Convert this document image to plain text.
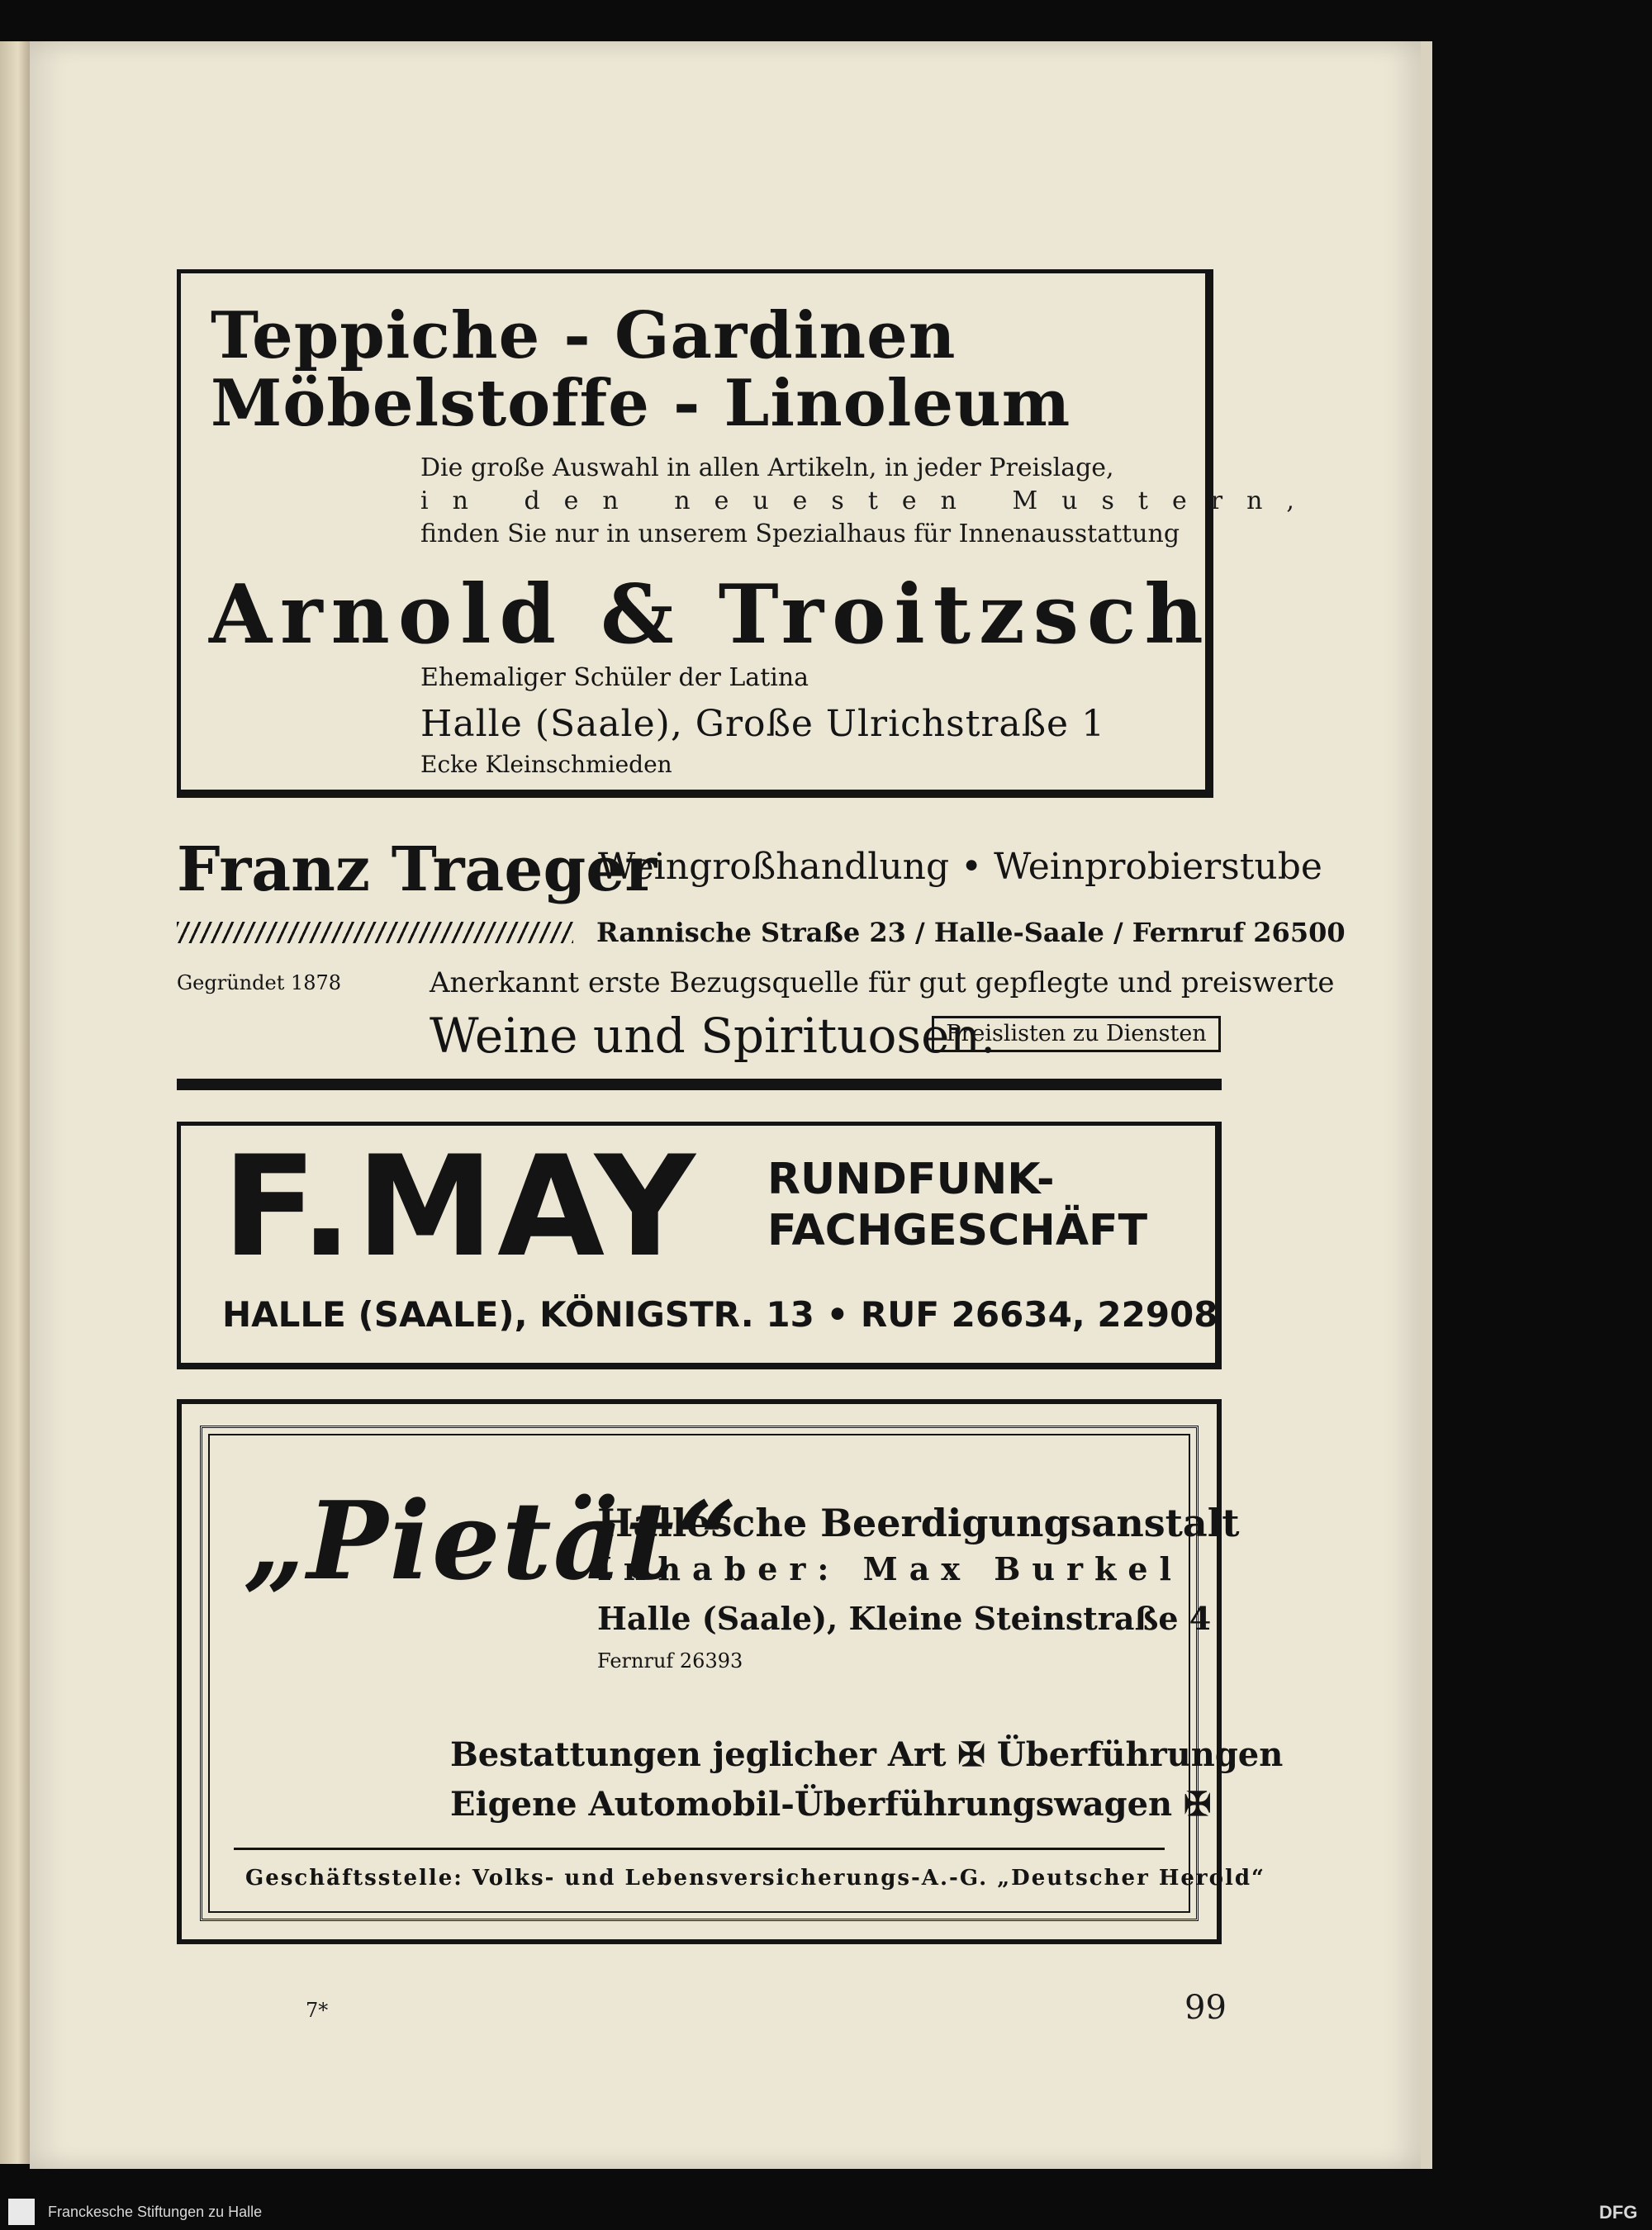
Teppiche - Gardinen
Möbelstoffe - Linoleum
Die große Auswahl in allen Artikeln, in jeder Preislage,
in den neuesten Mustern,
finden Sie nur in unserem Spezialhaus für Innenausstattung
Arnold & Troitzsch
Ehemaliger Schüler der Latina
Halle (Saale), Große Ulrichstraße 1
Ecke Kleinschmieden
Franz Traeger
Weingroßhandlung • Weinprobierstube
Rannische Straße 23 / Halle-Saale / Fernruf 26500
Gegründet 1878	Anerkannt erste Bezugsquelle für gut gepflegte und preiswerte
Weine und Spirituosen.
Preislisten zu Diensten
F.MAY RUNDFUNK-
FACHGESCHÄFT
HALLE (SAALE), KÖNIGSTR. 13 • RUF 26634, 22908
„Pietät“
Hallesche Beerdigungsanstalt
Inhaber: Max Burkel
Halle (Saale), Kleine Steinstraße 4
Fernruf 26393
Bestattungen jeglicher Art ✠ Überführungen
Eigene Automobil-Überführungswagen ✠
Geschäftsstelle: Volks- und Lebensversicherungs-A.-G. „Deutscher Herold“
7*	99
Franckesche Stiftungen zu Halle	DFG
